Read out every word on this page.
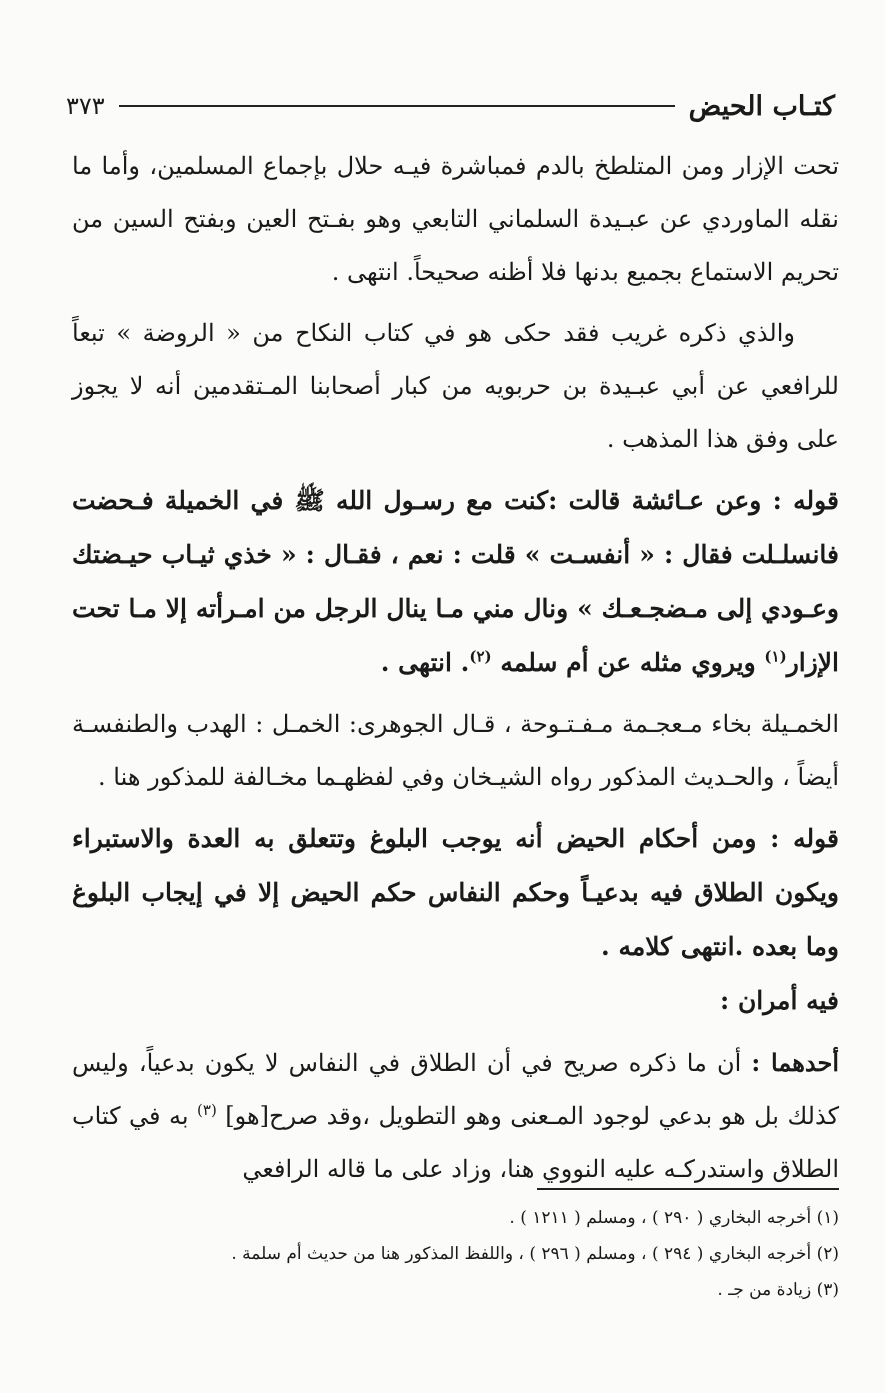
كتـاب الحيض
٣٧٣

تحت الإزار ومن المتلطخ بالدم فمباشرة فيـه حلال بإجماع المسلمين، وأما ما نقله الماوردي عن عبـيدة السلماني التابعي وهو بفـتح العين وبفتح السين من تحريم الاستماع بجميع بدنها فلا أظنه صحيحاً. انتهى .

والذي ذكره غريب فقد حكى هو في كتاب النكاح من « الروضة » تبعاً للرافعي عن أبي عبـيدة بن حربويه من كبار أصحابنا المـتقدمين أنه لا يجوز على وفق هذا المذهب .

قوله : وعن عـائشة قالت :كنت مع رسـول الله ﷺ في الخميلة فـحضت فانسلـلت فقال : « أنفسـت » قلت : نعم ، فقـال : « خذي ثيـاب حيـضتك وعـودي إلى مـضجـعـك » ونال مني مـا ينال الرجل من امـرأته إلا مـا تحت الإزار$^{(١)}$ ويروي مثله عن أم سلمه $^{(٢)}$. انتهى .

الخمـيلة بخاء مـعجـمة مـفـتـوحة ، قـال الجوهرى: الخمـل : الهدب والطنفسـة أيضاً ، والحـديث المذكور رواه الشيـخان وفي لفظهـما مخـالفة للمذكور هنا .

قوله : ومن أحكام الحيض أنه يوجب البلوغ وتتعلق به العدة والاستبراء ويكون الطلاق فيه بدعيـاً وحكم النفاس حكم الحيض إلا في إيجاب البلوغ وما بعده .انتهى كلامه .

فيه أمران :

أحدهما : أن ما ذكره صريح في أن الطلاق في النفاس لا يكون بدعياً، وليس كذلك بل هو بدعي لوجود المـعنى وهو التطويل ،وقد صرح[هو] $^{(٣)}$ به في كتاب الطلاق واستدركـه عليه النووي هنا، وزاد على ما قاله الرافعي

(١) أخرجه البخاري ( ٢٩٠ ) ، ومسلم ( ١٢١١ ) .

(٢) أخرجه البخاري ( ٢٩٤ ) ، ومسلم ( ٢٩٦ ) ، واللفظ المذكور هنا من حديث أم سلمة .

(٣) زيادة من جـ .
